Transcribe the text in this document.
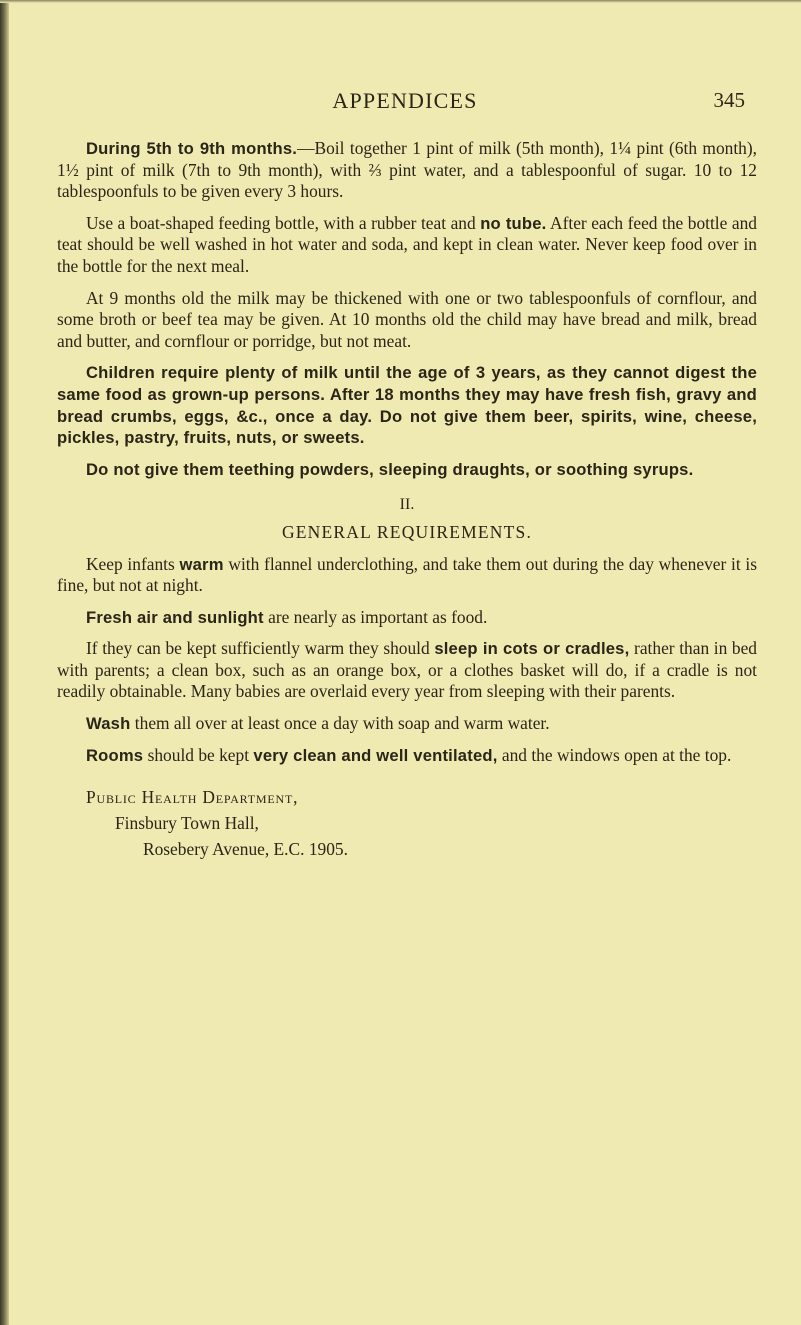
APPENDICES	345

During 5th to 9th months.—Boil together 1 pint of milk (5th month), 1¼ pint (6th month), 1½ pint of milk (7th to 9th month), with ⅔ pint water, and a tablespoonful of sugar. 10 to 12 tablespoonfuls to be given every 3 hours.

Use a boat-shaped feeding bottle, with a rubber teat and no tube. After each feed the bottle and teat should be well washed in hot water and soda, and kept in clean water. Never keep food over in the bottle for the next meal.

At 9 months old the milk may be thickened with one or two tablespoonfuls of cornflour, and some broth or beef tea may be given. At 10 months old the child may have bread and milk, bread and butter, and cornflour or porridge, but not meat.

Children require plenty of milk until the age of 3 years, as they cannot digest the same food as grown-up persons. After 18 months they may have fresh fish, gravy and bread crumbs, eggs, &c., once a day. Do not give them beer, spirits, wine, cheese, pickles, pastry, fruits, nuts, or sweets.

Do not give them teething powders, sleeping draughts, or soothing syrups.

II.
GENERAL REQUIREMENTS.

Keep infants warm with flannel underclothing, and take them out during the day whenever it is fine, but not at night.

Fresh air and sunlight are nearly as important as food.

If they can be kept sufficiently warm they should sleep in cots or cradles, rather than in bed with parents; a clean box, such as an orange box, or a clothes basket will do, if a cradle is not readily obtainable. Many babies are overlaid every year from sleeping with their parents.

Wash them all over at least once a day with soap and warm water.

Rooms should be kept very clean and well ventilated, and the windows open at the top.

Public Health Department,
Finsbury Town Hall,
Rosebery Avenue, E.C. 1905.
